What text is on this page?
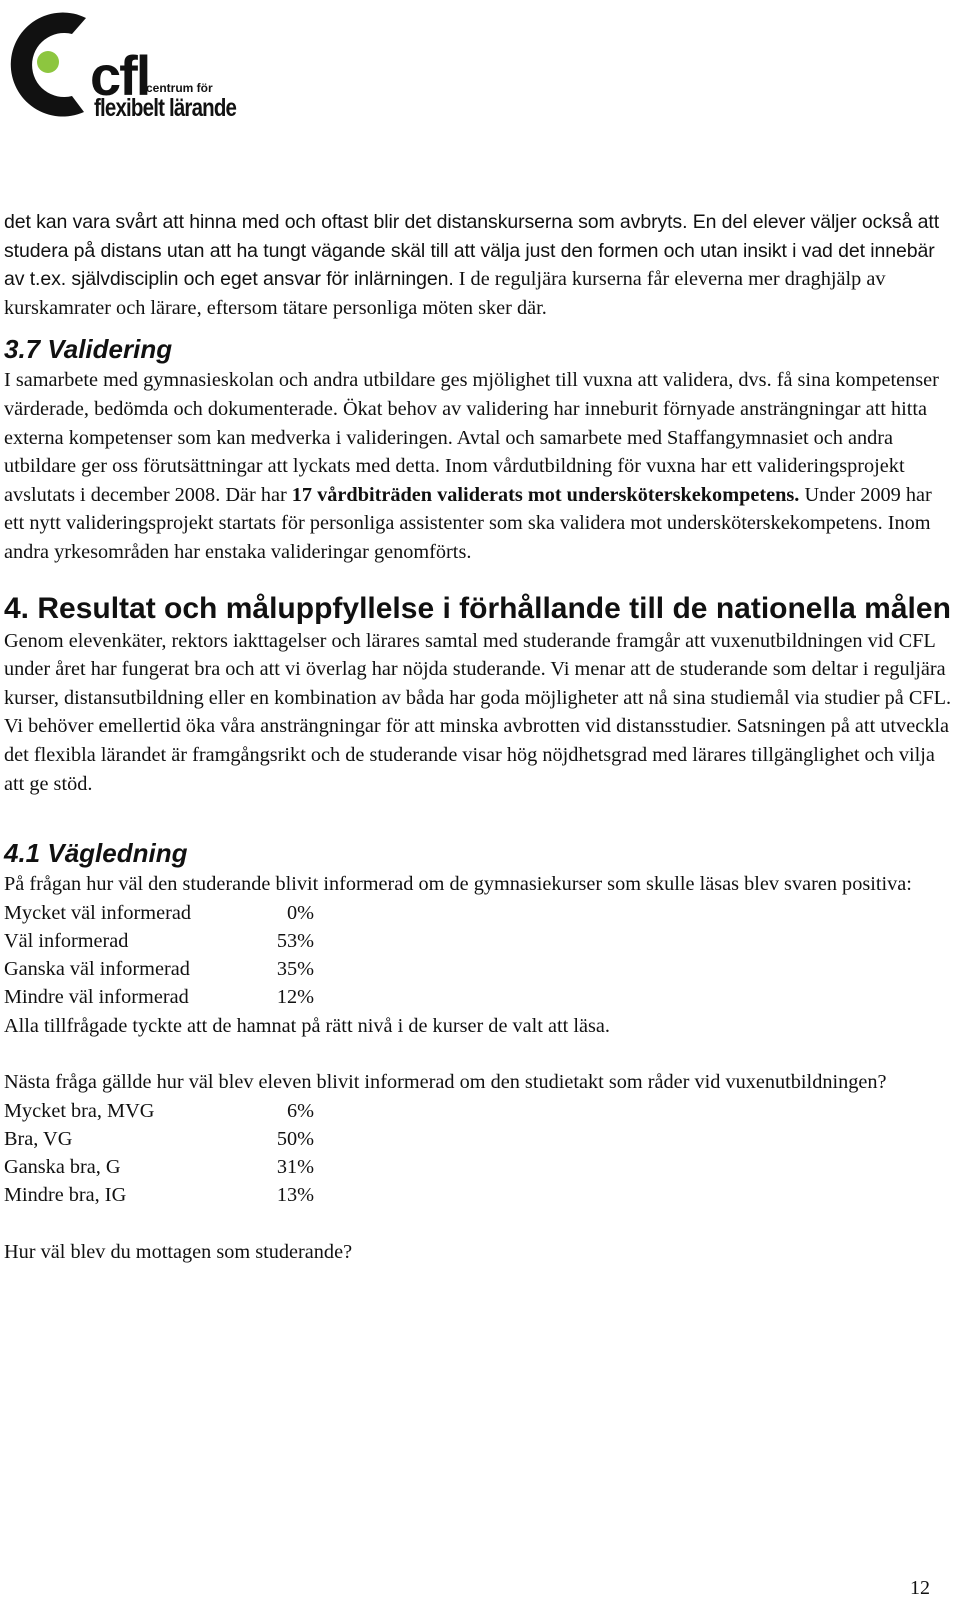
cfl
centrum för
flexibelt lärande

det kan vara svårt att hinna med och oftast blir det distanskurserna som avbryts. En del elever väljer också att studera på distans utan att ha tungt vägande skäl till att välja just den formen och utan insikt i vad det innebär av t.ex. självdisciplin och eget ansvar för inlärningen. I de reguljära kurserna får eleverna mer draghjälp av kurskamrater och lärare, eftersom tätare personliga möten sker där.

3.7 Validering

I samarbete med gymnasieskolan och andra utbildare ges mjölighet till vuxna att validera, dvs. få sina kompetenser värderade, bedömda och dokumenterade. Ökat behov av validering har inneburit förnyade ansträngningar att hitta externa kompetenser som kan medverka i valideringen. Avtal och samarbete med Staffangymnasiet och andra utbildare ger oss förutsättningar att lyckats med detta. Inom vårdutbildning för vuxna har ett valideringsprojekt avslutats i december 2008. Där har 17 vårdbiträden validerats mot undersköterskekompetens. Under 2009 har ett nytt valideringsprojekt startats för personliga assistenter som ska validera mot undersköterskekompetens. Inom andra yrkesområden har enstaka valideringar genomförts.

4. Resultat och måluppfyllelse i förhållande till de nationella målen

Genom elevenkäter, rektors iakttagelser och lärares samtal med studerande framgår att vuxenutbildningen vid CFL under året har fungerat bra och att vi överlag har nöjda studerande. Vi menar att de studerande som deltar i reguljära kurser, distansutbildning eller en kombination av båda har goda möjligheter att nå sina studiemål via studier på CFL. Vi behöver emellertid öka våra ansträngningar för att minska avbrotten vid distansstudier. Satsningen på att utveckla det flexibla lärandet är framgångsrikt och de studerande visar hög nöjdhetsgrad med lärares tillgänglighet och vilja att ge stöd.

4.1 Vägledning

På frågan hur väl den studerande blivit informerad om de gymnasiekurser som skulle läsas blev svaren positiva:

Mycket väl informerad	0%
Väl informerad	53%
Ganska väl informerad	35%
Mindre väl informerad	12%

Alla tillfrågade tyckte att de hamnat på rätt nivå i de kurser de valt att läsa.

Nästa fråga gällde hur väl blev eleven blivit informerad om den studietakt som råder vid vuxenutbildningen?

Mycket bra, MVG	6%
Bra, VG	50%
Ganska bra, G	31%
Mindre bra, IG	13%

Hur väl blev du mottagen som studerande?

12
